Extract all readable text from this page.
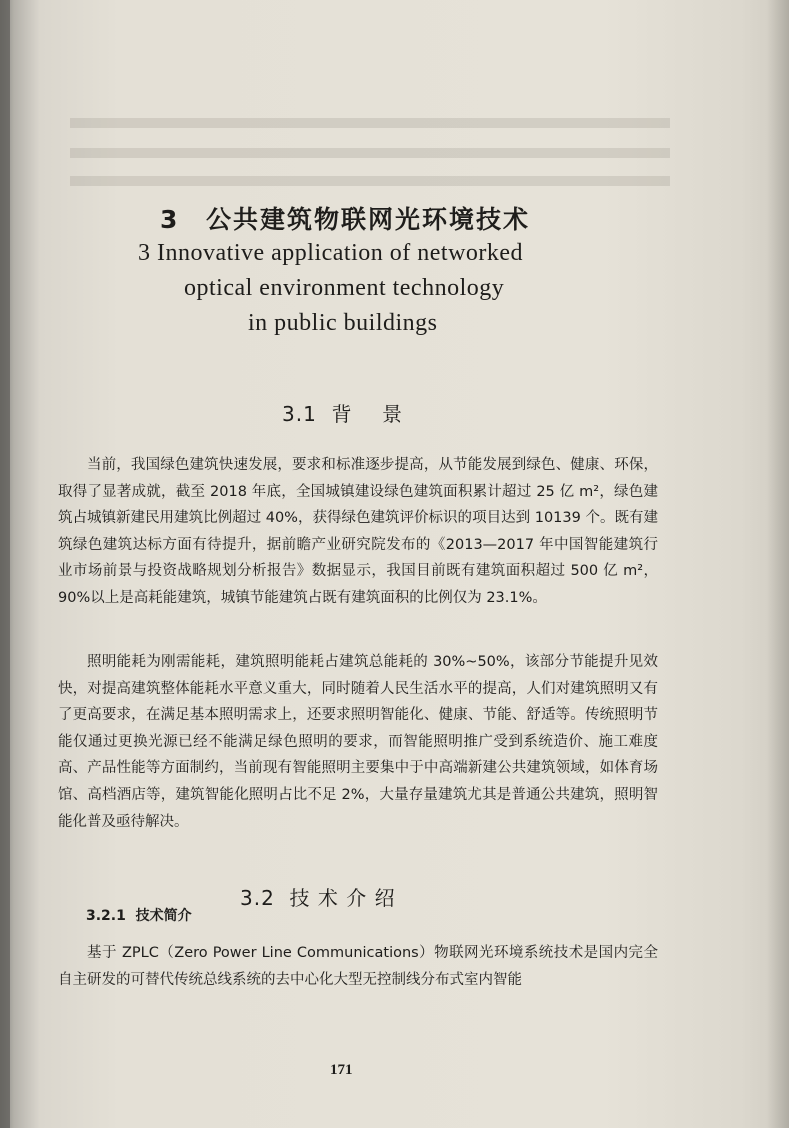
3 公共建筑物联网光环境技术
3 Innovative application of networked
optical environment technology
in public buildings
3.1  背    景

当前，我国绿色建筑快速发展，要求和标准逐步提高，从节能发展到绿色、健康、环保，取得了显著成就，截至 2018 年底，全国城镇建设绿色建筑面积累计超过 25 亿 m²，绿色建筑占城镇新建民用建筑比例超过 40%，获得绿色建筑评价标识的项目达到 10139 个。既有建筑绿色建筑达标方面有待提升，据前瞻产业研究院发布的《2013—2017 年中国智能建筑行业市场前景与投资战略规划分析报告》数据显示，我国目前既有建筑面积超过 500 亿 m²，90%以上是高耗能建筑，城镇节能建筑占既有建筑面积的比例仅为 23.1%。

照明能耗为刚需能耗，建筑照明能耗占建筑总能耗的 30%~50%，该部分节能提升见效快，对提高建筑整体能耗水平意义重大，同时随着人民生活水平的提高，人们对建筑照明又有了更高要求，在满足基本照明需求上，还要求照明智能化、健康、节能、舒适等。传统照明节能仅通过更换光源已经不能满足绿色照明的要求，而智能照明推广受到系统造价、施工难度高、产品性能等方面制约，当前现有智能照明主要集中于中高端新建公共建筑领域，如体育场馆、高档酒店等，建筑智能化照明占比不足 2%，大量存量建筑尤其是普通公共建筑，照明智能化普及亟待解决。

3.2  技 术 介 绍
3.2.1  技术简介

基于 ZPLC（Zero Power Line Communications）物联网光环境系统技术是国内完全自主研发的可替代传统总线系统的去中心化大型无控制线分布式室内智能

171
